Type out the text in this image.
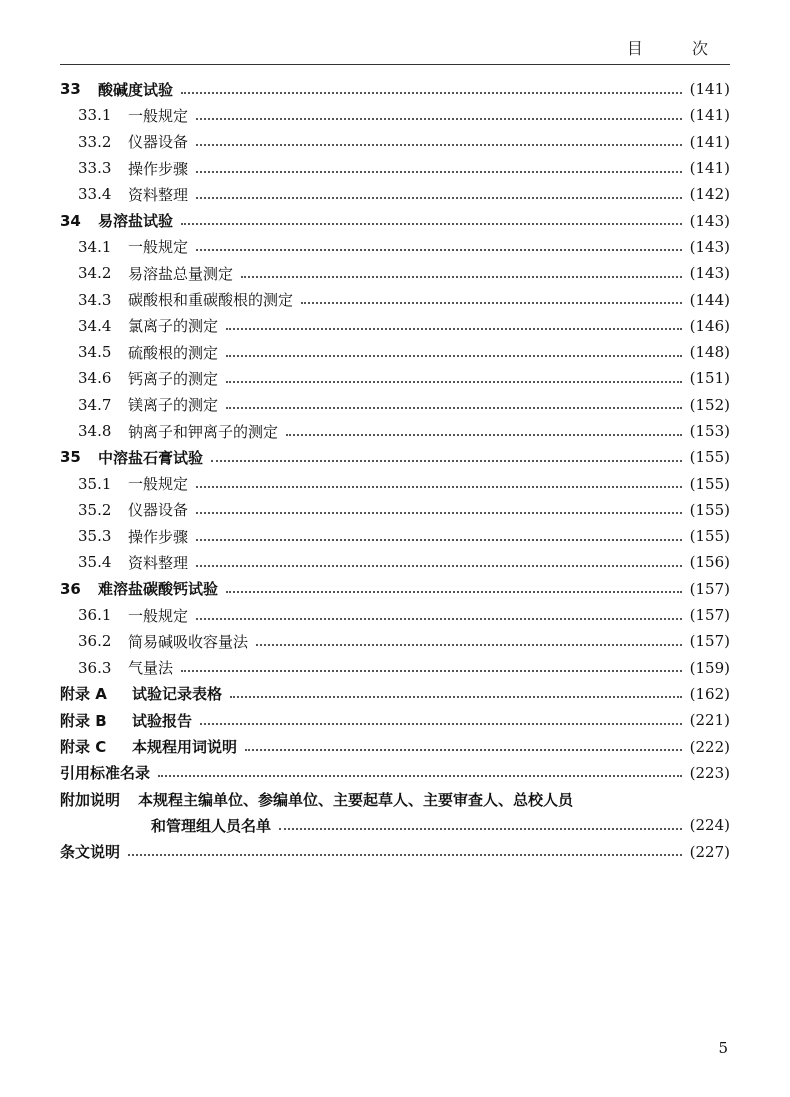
目 次
33	酸碱度试验	(141)
33.1	一般规定	(141)
33.2	仪器设备	(141)
33.3	操作步骤	(141)
33.4	资料整理	(142)
34	易溶盐试验	(143)
34.1	一般规定	(143)
34.2	易溶盐总量测定	(143)
34.3	碳酸根和重碳酸根的测定	(144)
34.4	氯离子的测定	(146)
34.5	硫酸根的测定	(148)
34.6	钙离子的测定	(151)
34.7	镁离子的测定	(152)
34.8	钠离子和钾离子的测定	(153)
35	中溶盐石膏试验	(155)
35.1	一般规定	(155)
35.2	仪器设备	(155)
35.3	操作步骤	(155)
35.4	资料整理	(156)
36	难溶盐碳酸钙试验	(157)
36.1	一般规定	(157)
36.2	简易碱吸收容量法	(157)
36.3	气量法	(159)
附录 A	试验记录表格	(162)
附录 B	试验报告	(221)
附录 C	本规程用词说明	(222)
引用标准名录	(223)
附加说明 本规程主编单位、参编单位、主要起草人、主要审查人、总校人员
和管理组人员名单	(224)
条文说明	(227)
5
